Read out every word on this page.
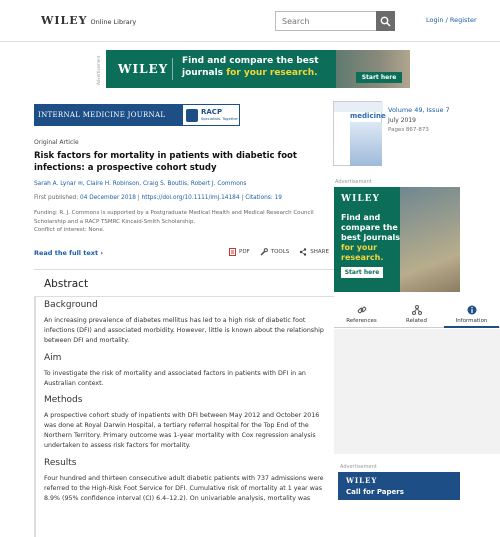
WILEY Online Library
Search	Login / Register
Advertisement WILEY
Find and compare the best
journals for your research.	Start here
INTERNAL MEDICINE JOURNAL	RACP
Specialists. Together
Original Article
Risk factors for mortality in patients with diabetic foot infections: a prospective cohort study
Sarah A. Lynar ✉, Claire H. Robinson, Craig S. Boutlis, Robert J. Commons
First published: 04 December 2018 | https://doi.org/10.1111/imj.14184 | Citations: 19
Funding: R. J. Commons is supported by a Postgraduate Medical Health and Medical Research Council Scholarship and a RACP TSMRC Kincaid-Smith Scholarship.
Conflict of interest: None.
Read the full text ›	PDF	TOOLS	SHARE
Abstract
Background

An increasing prevalence of diabetes mellitus has led to a high risk of diabetic foot infections (DFI) and associated morbidity. However, little is known about the relationship between DFI and mortality.

Aim

To investigate the risk of mortality and associated factors in patients with DFI in an Australian context.

Methods

A prospective cohort study of inpatients with DFI between May 2012 and October 2016 was done at Royal Darwin Hospital, a tertiary referral hospital for the Top End of the Northern Territory. Primary outcome was 1-year mortality with Cox regression analysis undertaken to assess risk factors for mortality.

Results

Four hundred and thirteen consecutive adult diabetic patients with 737 admissions were referred to the High-Risk Foot Service for DFI. Cumulative risk of mortality at 1 year was 8.9% (95% confidence interval (CI) 6.4–12.2). On univariable analysis, mortality was

medicine
Volume 49, Issue 7
July 2019
Pages 867-873
Advertisement
WILEY
Find and
compare the
best journals
for your
research.
Start here
References	Related	Information
Advertisement
WILEY
Call for Papers
